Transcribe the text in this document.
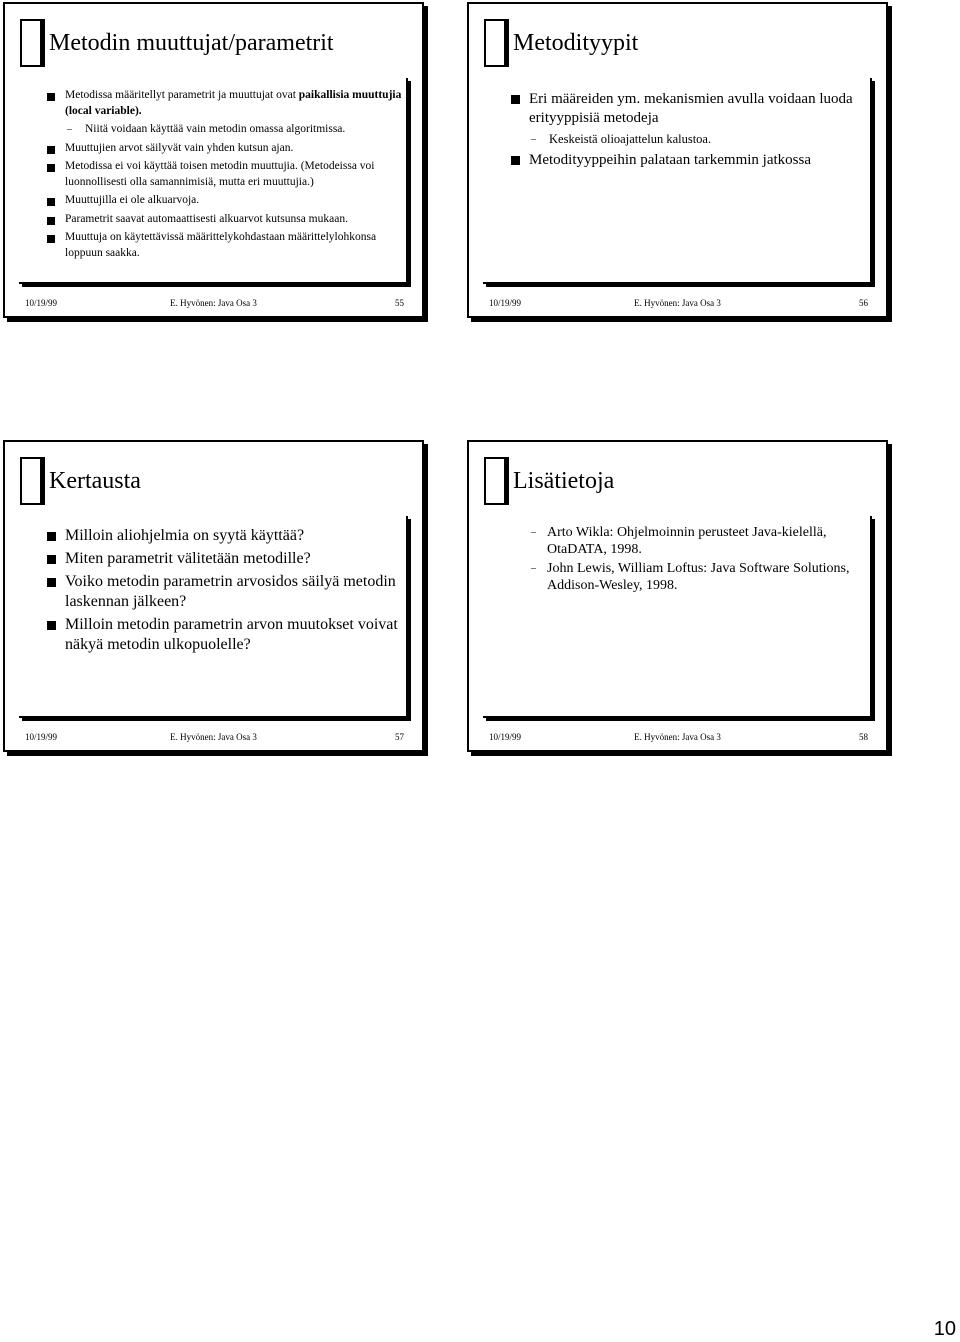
Metodin muuttujat/parametrit
Metodissa määritellyt parametrit ja muuttujat ovat paikallisia muuttujia (local variable).
– Niitä voidaan käyttää vain metodin omassa algoritmissa.
Muuttujien arvot säilyvät vain yhden kutsun ajan.
Metodissa ei voi käyttää toisen metodin muuttujia. (Metodeissa voi luonnollisesti olla samannimisiä, mutta eri muuttujia.)
Muuttujilla ei ole alkuarvoja.
Parametrit saavat automaattisesti alkuarvot kutsunsa mukaan.
Muuttuja on käytettävissä määrittelykohdastaan määrittelylohkonsa loppuun saakka.
10/19/99	E. Hyvönen: Java Osa 3	55
Metodityypit
Eri määreiden ym. mekanismien avulla voidaan luoda erityyppisiä metodeja
– Keskeistä olioajattelun kalustoa.
Metodityyppeihin palataan tarkemmin jatkossa
10/19/99	E. Hyvönen: Java Osa 3	56
Kertausta
Milloin aliohjelmia on syytä käyttää?
Miten parametrit välitetään metodille?
Voiko metodin parametrin arvosidos säilyä metodin laskennan jälkeen?
Milloin metodin parametrin arvon muutokset voivat näkyä metodin ulkopuolelle?
10/19/99	E. Hyvönen: Java Osa 3	57
Lisätietoja
– Arto Wikla: Ohjelmoinnin perusteet Java-kielellä, OtaDATA, 1998.
– John Lewis, William Loftus: Java Software Solutions, Addison-Wesley, 1998.
10/19/99	E. Hyvönen: Java Osa 3	58
10
